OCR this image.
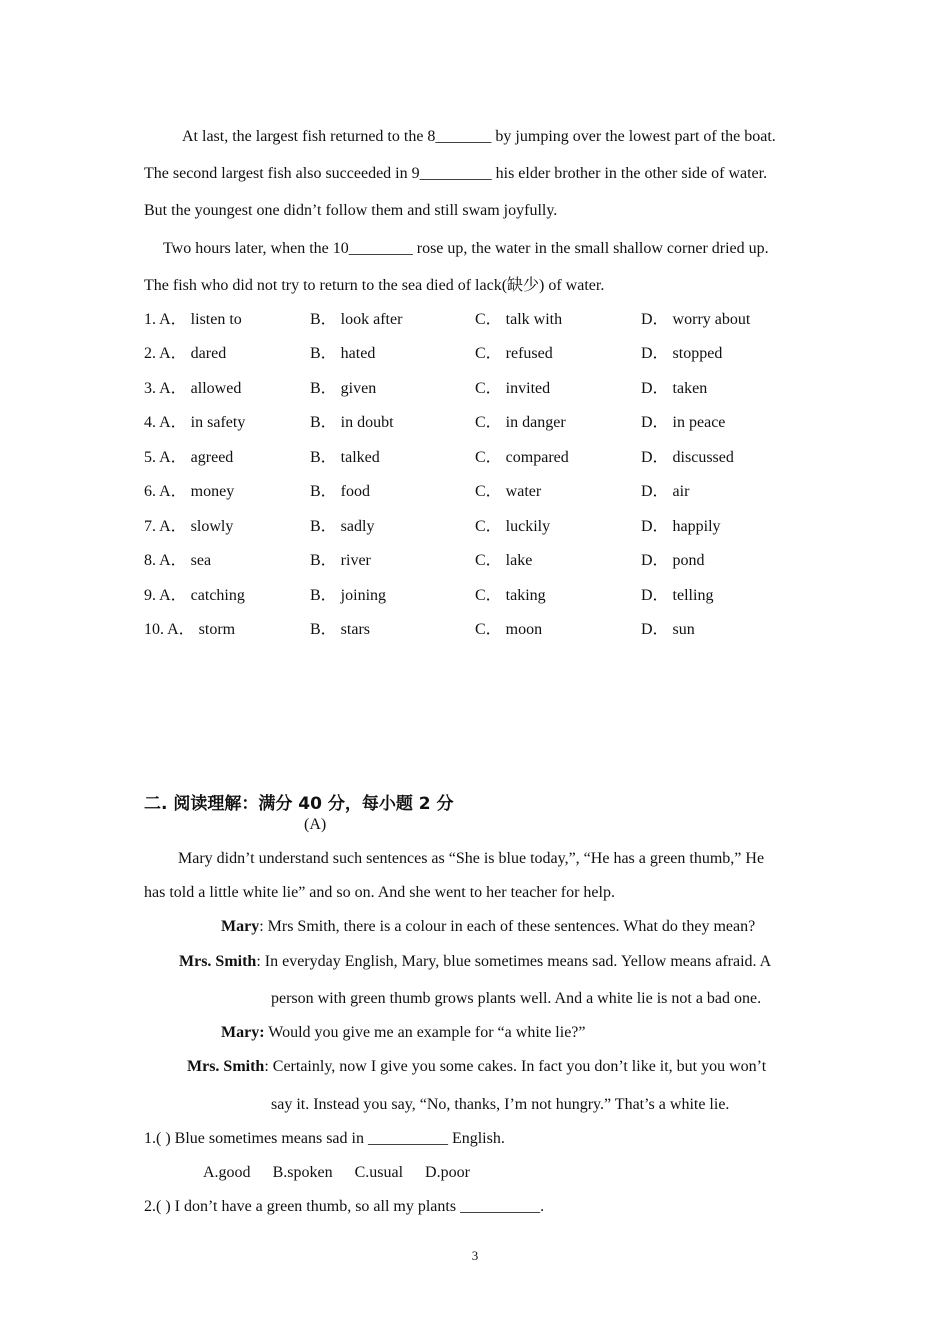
At last, the largest fish returned to the 8_______ by jumping over the lowest part of the boat.
The second largest fish also succeeded in 9_________ his elder brother in the other side of water.
But the youngest one didn’t follow them and still swam joyfully.
Two hours later, when the 10________ rose up, the water in the small shallow corner dried up.
The fish who did not try to return to the sea died of lack(缺少) of water.
1. A． listen to	B． look after	C． talk with	D． worry about
2. A． dared	B． hated	C． refused	D． stopped
3. A． allowed	B． given	C． invited	D． taken
4. A． in safety	B． in doubt	C． in danger	D． in peace
5. A． agreed	B． talked	C． compared	D． discussed
6. A． money	B． food	C． water	D． air
7. A． slowly	B． sadly	C． luckily	D． happily
8. A． sea	B． river	C． lake	D． pond
9. A． catching	B． joining	C． taking	D． telling
10. A． storm	B． stars	C． moon	D． sun
二. 阅读理解：满分 40 分，每小题 2 分
(A)
Mary didn’t understand such sentences as “She is blue today,”, “He has a green thumb,” He
has told a little white lie” and so on. And she went to her teacher for help.
Mary: Mrs Smith, there is a colour in each of these sentences. What do they mean?
Mrs. Smith: In everyday English, Mary, blue sometimes means sad. Yellow means afraid. A
person with green thumb grows plants well. And a white lie is not a bad one.
Mary: Would you give me an example for “a white lie?”
Mrs. Smith: Certainly, now I give you some cakes. In fact you don’t like it, but you won’t
say it. Instead you say, “No, thanks, I’m not hungry.” That’s a white lie.
1.( ) Blue sometimes means sad in __________ English.
A.good B.spoken C.usual D.poor
2.( ) I don’t have a green thumb, so all my plants __________.
3
